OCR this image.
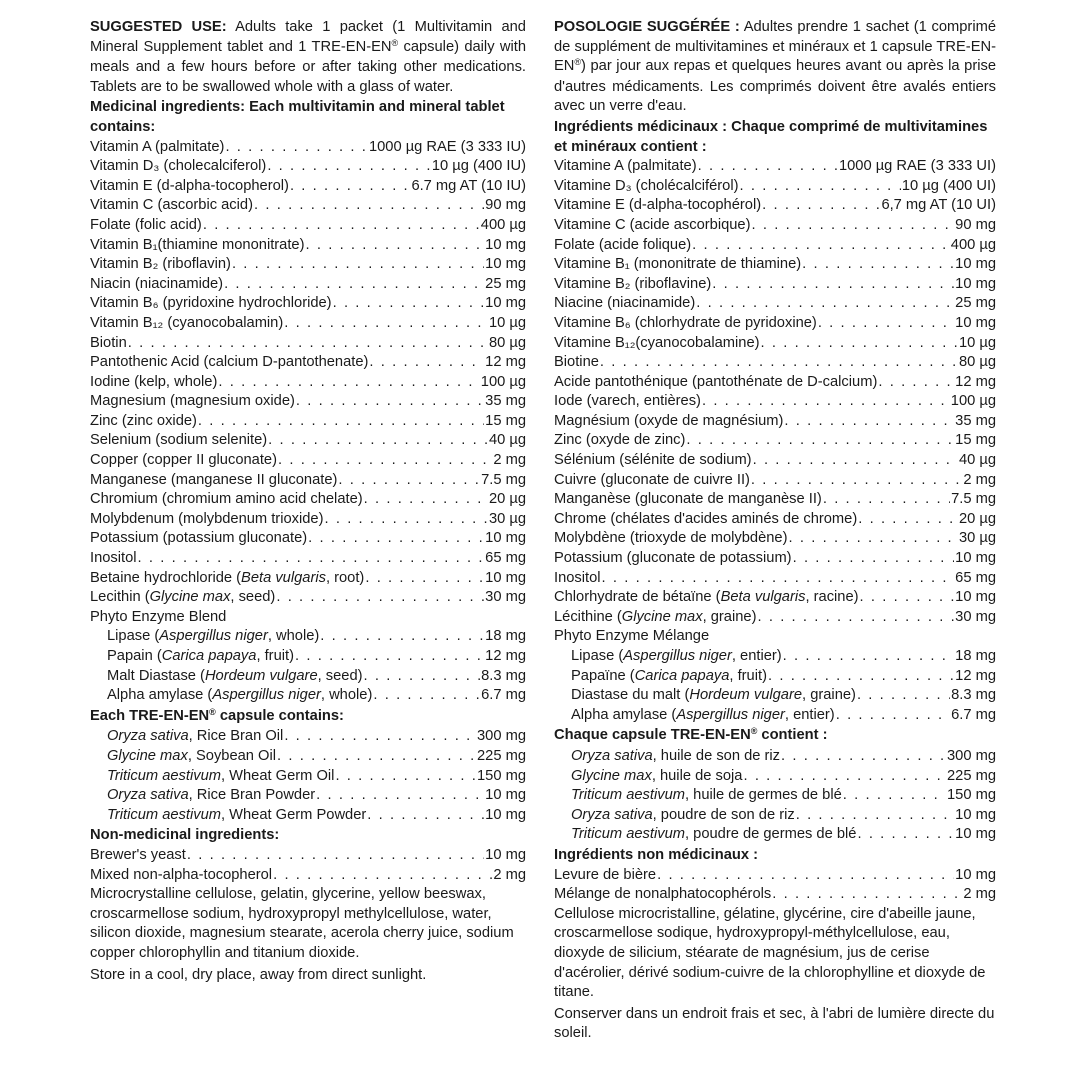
SUGGESTED USE: Adults take 1 packet (1 Multivitamin and Mineral Supplement tablet and 1 TRE-EN-EN® capsule) daily with meals and a few hours before or after taking other medications. Tablets are to be swallowed whole with a glass of water.

Medicinal ingredients: Each multivitamin and mineral tablet contains:
Vitamin A (palmitate) . . .	1000 µg RAE (3 333 IU)
Vitamin D₃ (cholecalciferol) . . .	10 µg (400 IU)
Vitamin E (d-alpha-tocopherol) . . .	6.7 mg AT (10 IU)
Vitamin C (ascorbic acid) . . .	90 mg
Folate (folic acid) . . .	400 µg
Vitamin B₁(thiamine mononitrate) . . .	10 mg
Vitamin B₂ (riboflavin) . . .	10 mg
Niacin (niacinamide) . . .	25 mg
Vitamin B₆ (pyridoxine hydrochloride) . . .	10 mg
Vitamin B₁₂ (cyanocobalamin) . . .	10 µg
Biotin . . .	80 µg
Pantothenic Acid (calcium D-pantothenate) . . .	12 mg
Iodine (kelp, whole) . . .	100 µg
Magnesium (magnesium oxide) . . .	35 mg
Zinc (zinc oxide) . . .	15 mg
Selenium (sodium selenite) . . .	40 µg
Copper (copper II gluconate) . . .	2 mg
Manganese (manganese II gluconate) . . .	7.5 mg
Chromium (chromium amino acid chelate) . . .	20 µg
Molybdenum (molybdenum trioxide) . . .	30 µg
Potassium (potassium gluconate) . . .	10 mg
Inositol . . .	65 mg
Betaine hydrochloride (Beta vulgaris, root) . . .	10 mg
Lecithin (Glycine max, seed) . . .	30 mg
Phyto Enzyme Blend
Lipase (Aspergillus niger, whole) . . .	18 mg
Papain (Carica papaya, fruit) . . .	12 mg
Malt Diastase (Hordeum vulgare, seed) . . .	8.3 mg
Alpha amylase (Aspergillus niger, whole) . . .	6.7 mg
Each TRE-EN-EN® capsule contains:
Oryza sativa, Rice Bran Oil . . .	300 mg
Glycine max, Soybean Oil . . .	225 mg
Triticum aestivum, Wheat Germ Oil . . .	150 mg
Oryza sativa, Rice Bran Powder . . .	10 mg
Triticum aestivum, Wheat Germ Powder . . .	10 mg
Non-medicinal ingredients:
Brewer's yeast . . .	10 mg
Mixed non-alpha-tocopherol . . .	2 mg

Microcrystalline cellulose, gelatin, glycerine, yellow beeswax, croscarmellose sodium, hydroxypropyl methylcellulose, water, silicon dioxide, magnesium stearate, acerola cherry juice, sodium copper chlorophyllin and titanium dioxide.

Store in a cool, dry place, away from direct sunlight.

POSOLOGIE SUGGÉRÉE : Adultes prendre 1 sachet (1 comprimé de supplément de multivitamines et minéraux et 1 capsule TRE-EN-EN®) par jour aux repas et quelques heures avant ou après la prise d'autres médicaments. Les comprimés doivent être avalés entiers avec un verre d'eau.

Ingrédients médicinaux : Chaque comprimé de multivitamines et minéraux contient :
Vitamine A (palmitate) . . .	1000 µg RAE (3 333 UI)
Vitamine D₃ (cholécalciférol) . . .	10 µg (400 UI)
Vitamine E (d-alpha-tocophérol) . . .	6,7 mg AT (10 UI)
Vitamine C (acide ascorbique) . . .	90 mg
Folate (acide folique) . . .	400 µg
Vitamine B₁ (mononitrate de thiamine) . . .	10 mg
Vitamine B₂ (riboflavine) . . .	10 mg
Niacine (niacinamide) . . .	25 mg
Vitamine B₆ (chlorhydrate de pyridoxine) . . .	10 mg
Vitamine B₁₂(cyanocobalamine) . . .	10 µg
Biotine . . .	80 µg
Acide pantothénique (pantothénate de D-calcium) . . .	12 mg
Iode (varech, entières) . . .	100 µg
Magnésium (oxyde de magnésium) . . .	35 mg
Zinc (oxyde de zinc) . . .	15 mg
Sélénium (sélénite de sodium) . . .	40 µg
Cuivre (gluconate de cuivre II) . . .	2 mg
Manganèse (gluconate de manganèse II) . . .	7.5 mg
Chrome (chélates d'acides aminés de chrome) . . .	20 µg
Molybdène (trioxyde de molybdène) . . .	30 µg
Potassium (gluconate de potassium) . . .	10 mg
Inositol . . .	65 mg
Chlorhydrate de bétaïne (Beta vulgaris, racine) . . .	10 mg
Lécithine (Glycine max, graine) . . .	30 mg
Phyto Enzyme Mélange
Lipase (Aspergillus niger, entier) . . .	18 mg
Papaïne (Carica papaya, fruit) . . .	12 mg
Diastase du malt (Hordeum vulgare, graine) . . .	8.3 mg
Alpha amylase (Aspergillus niger, entier) . . .	6.7 mg
Chaque capsule TRE-EN-EN® contient :
Oryza sativa, huile de son de riz . . .	300 mg
Glycine max, huile de soja . . .	225 mg
Triticum aestivum, huile de germes de blé . . .	150 mg
Oryza sativa, poudre de son de riz . . .	10 mg
Triticum aestivum, poudre de germes de blé . . .	10 mg
Ingrédients non médicinaux :
Levure de bière . . .	10 mg
Mélange de nonalphatocophérols . . .	2 mg

Cellulose microcristalline, gélatine, glycérine, cire d'abeille jaune, croscarmellose sodique, hydroxypropyl-méthylcellulose, eau, dioxyde de silicium, stéarate de magnésium, jus de cerise d'acérolier, dérivé sodium-cuivre de la chlorophylline et dioxyde de titane.

Conserver dans un endroit frais et sec, à l'abri de lumière directe du soleil.
